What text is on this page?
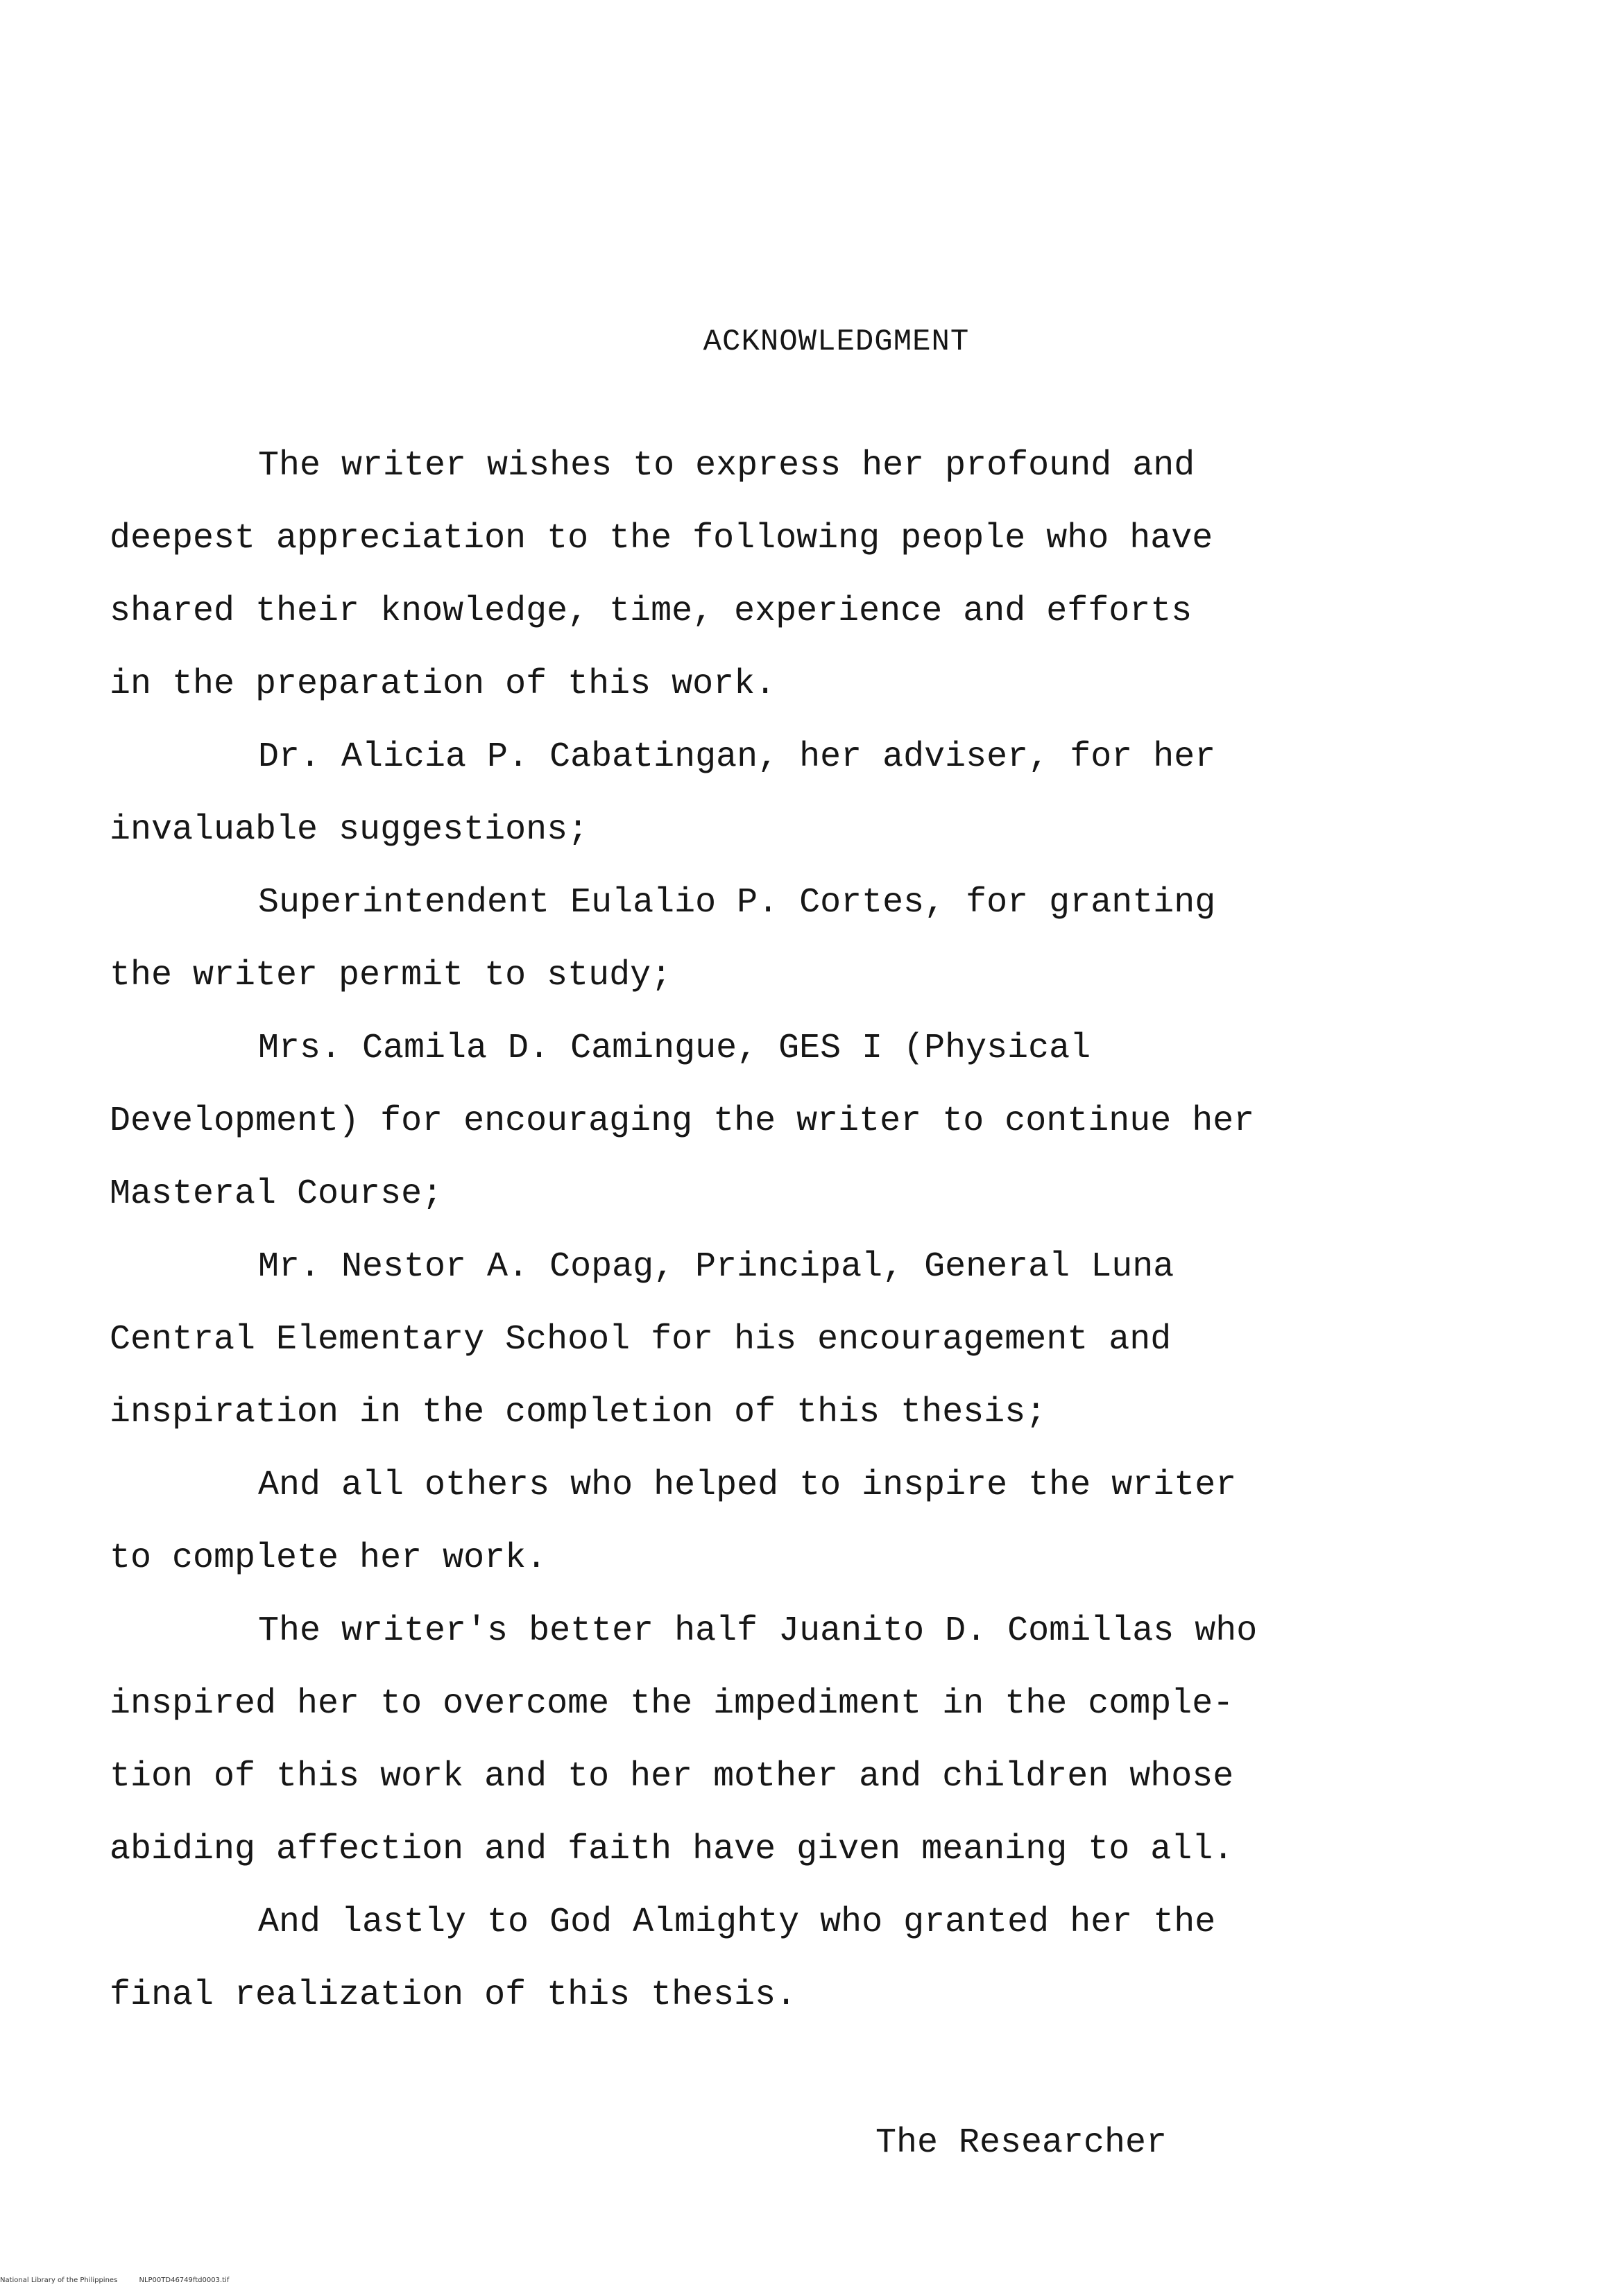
ACKNOWLEDGMENT

The writer wishes to express her profound and

deepest appreciation to the following people who have

shared their knowledge, time, experience and efforts

in the preparation of this work.

Dr. Alicia P. Cabatingan, her adviser, for her

invaluable suggestions;

Superintendent Eulalio P. Cortes, for granting

the writer permit to study;

Mrs. Camila D. Camingue, GES I (Physical

Development) for encouraging the writer to continue her

Masteral Course;

Mr. Nestor A. Copag, Principal, General Luna

Central Elementary School for his encouragement and

inspiration in the completion of this thesis;

And all others who helped to inspire the writer

to complete her work.

The writer's better half Juanito D. Comillas who

inspired her to overcome the impediment in the comple-

tion of this work and to her mother and children whose

abiding affection and faith have given meaning to all.

And lastly to God Almighty who granted her the

final realization of this thesis.

The Researcher

National Library of the Philippines	NLP00TD46749ftd0003.tif
